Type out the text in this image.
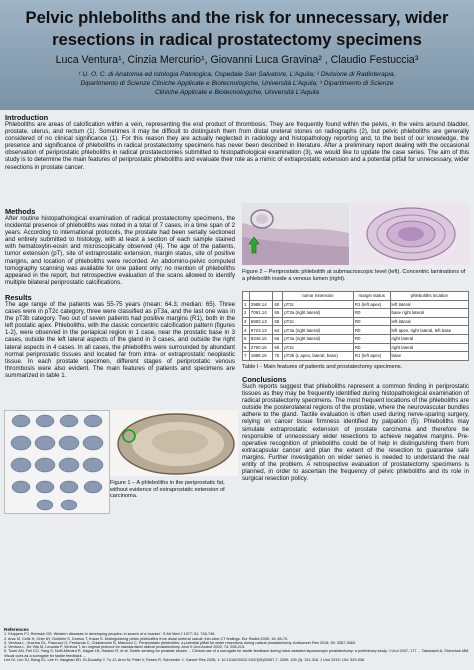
Pelvic phleboliths and the risk for unnecessary, wider
resections in radical prostatectomy specimens
Luca Ventura¹, Cinzia Mercurio¹, Giovanni Luca Gravina² , Claudio Festuccia³
¹ U. O. C. di Anatomia ed Istologia Patologica, Ospedale San Salvatore, L'Aquila; ² Divisione di Radioterapia,
Dipartimento di Scienze Cliniche Applicate e Biotecnologiche, Università L'Aquila; ³ Dipartimento di Scienze
Cliniche Applicate e Biotecnologiche, Università L'Aquila
Introduction
Phleboliths are areas of calcification within a vein, representing the end product of thrombosis. They are frequently found within the pelvis, in the veins around bladder, prostate, uterus, and rectum (1). Sometimes it may be difficult to distinguish them from distal ureteral stones on radiographs (2), but pelvic phleboliths are generally considered of no clinical significance (1). For this reason they are actually neglected in radiology and histopathology reporting and, to the best of our knowledge, the presence and significance of phleboliths in radical prostatectomy specimens has never been described in literature. After a preliminary report dealing with the occasional observation of periprostatic phleboliths in radical prostatectomies submitted to histopathological examination (3), we would like to update the case series. The aim of this study is to determine the main features of periprostatic phleboliths and evaluate their role as a mimic of extraprostatic extension and a potential pitfall for unnecessary, wider resections in prostate cancer.
Methods
After routine histopathological examination of radical prostatectomy specimens, the incidental presence of phleboliths was noted in a total of 7 cases, in a time span of 2 years. According to international protocols, the prostate had been serially sectioned and entirely submitted to histology, with at least a section of each sample stained with hematoxylin-eosin and microscopically observed (4). The age of the patients, tumor extension (pT), site of extraprostatic extension, margin status, site of positive margins, and location of phleboliths were recorded. An abdomino-pelvic computed tomography scanning was available for one patient only; no mention of phleboliths appeared in the report, but retrospective evaluation of the scans allowed to identify multiple bilateral periprostatic calcifications.
Results
The age range of the patients was 55-75 years (mean: 64.3; median: 65). Three cases were in pT2c category, three were classified as pT3a, and the last one was in the pT3b category. Two out of seven patients had positive margins (R1), both in the left postatic apex. Phleboliths, with the classic concentric calcification pattern (figures 1-2), were observed in the periapical region in 1 case, near the prostatic base in 3 cases, outside the left lateral aspects of the gland in 3 cases, and outside the right lateral aspects in 4 cases. In all cases, the phleboliths were surrounded by abundant normal periprostatic tissues and located far from intra- or extraprostatic neoplastic tissue. In each prostate specimen, different stages of periprostatic venous thrombosis were also evident. The main features of patients and specimens are summarized in table 1.
Figure 2 – Periprostatic phlebolith at submacroscopic level (left). Concentric laminations of a phlebolith inside a venous lumen (right).
			tumor extension	margin status	phleboliths location
1	2988.14	60	pT2c	R1 (left apex)	left lateral
2	7091.14	55	pT3a (right lateral)	R0	base right lateral
3	6983.13	65	pT2c	R0	left lateral
4	9723.13	64	pT3a (right lateral)	R0	left apex, right lateral, left base
5	8346.15	66	pT3a (right lateral)	R0	right lateral
6	2760.16	65	pT2c	R0	right lateral
7	1888.16	75	pT3b (L apex, lateral, base)	R1 (left apex)	base
Table I - Main features of patients and prostatectomy specimens.
Conclusions
Such reports suggest that phleboliths represent a common finding in periprostatic tissues as they may be frequently identified during histopathological examination of radical prostatectomy specimens. The most frequent locations of the phleboliths are outside the posterolateral regions of the prostate, where the neurovascular bundles adhere to the gland. Tactile evaluation is often used during nerve-sparing surgery, relying on cancer tissue firmness identified by palpation (5). Phleboliths may simulate extraprostatic extension of prostate carcinoma and therefore be responsible of unnecessary wider resections to achieve negative margins. Pre-operative recognition of phleboliths could be of help in distinguishing them from extracapsular cancer and plan the extent of the resection to guarantee safe margins. Further investigation on wider series is needed to understand the real entity of the problem. A retrospective evaluation of prostatectomy specimens is planned, in order to ascertain the frequency of pelvic phleboliths and its role in surgical resection policy.
Figure 1 – A phleboliths in the periprostatic fat, without evidence of extraprostatic extension of carcinoma.
References
1. Kluppers PJ, Rehrske GS. Western diseases in developing peoples: in search of a 'marker'. S Afr Med J 1977; 51: 745-746.
2. Arac M, Celik H, Oner AY, Gultekin S, Gumus T, Kosar S. Distinguishing pelvic phleboliths from distal ureteral calculi: thin-slice CT findings. Eur Radiol 2005; 15: 65-70.
3. Ventura L, Gravina GL, Pascucci G, Festuccia C, Chiatamone B, Marcucci C. Periprostatic phleboliths: a potential pitfall for wider resections during radical prostatectomy. Anticancer Res 2015; 35: 3357-3363.
4. Ventura L, De Vito M, Leocata P, Ventura T. An original protocol for standardized radical prostatectomy. Arch It Urol Androl 2002; 74: 208-213.
5. Tozer AN, Fell CO, Yang S, Noël-Ménard R, Kagae LB, Hawton R, et al. Tactile sensing for prostate stones ... Clinical use of a surrogate for tactile feedback during robot-assisted laparoscopic prostatectomy: a preliminary study. J Urol 2007; 177 ... Takahashi A, Shevchuk MM. Visual cues as a surrogate for tactile feedback ...
Lee DI, Lim SJ, Bang SJ, Lee H, Vaughan ED, El-Douaihy Y, Tu JJ, Aron M, Patel V, Rosen R, Schroeder J. Cancer Res 2005; 1: 10.1016/S0022-5347(05)00397-7; 2009; 105 (3): 311-316. J Urol 2015; 194: 529-536.
